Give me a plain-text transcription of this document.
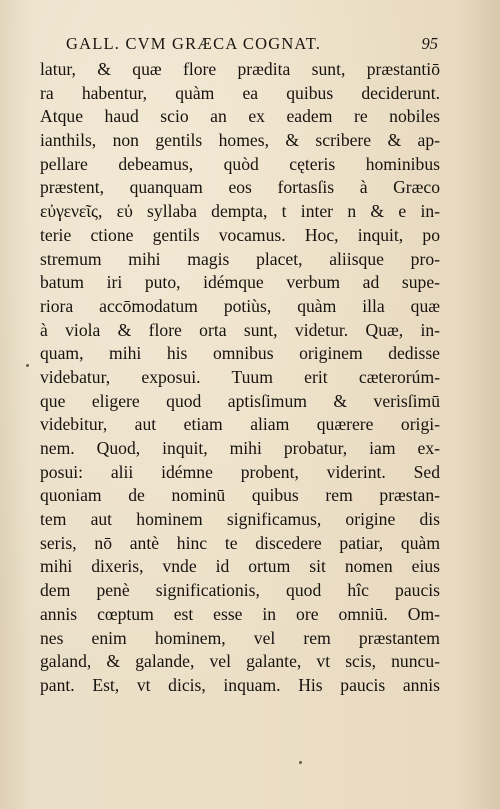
GALL. CVM GRÆCA COGNAT.	95
latur, & quæ flore prædita sunt, præstantiō
ra habentur, quàm ea quibus deciderunt.
Atque haud scio an ex eadem re nobiles
ianthils, non gentils homes, & scribere & ap-
pellare debeamus, quòd cęteris hominibus
præstent, quanquam eos fortasſis à Græco
εὐγενεῖς, εὐ syllaba dempta, t inter n & e in-
terie ctione gentils vocamus. Hoc, inquit, po
stremum mihi magis placet, aliisque pro-
batum iri puto, idémque verbum ad supe-
riora accōmodatum potiùs, quàm illa quæ
à viola & flore orta sunt, videtur. Quæ, in-
quam, mihi his omnibus originem dedisse
videbatur, exposui. Tuum erit cæterorúm-
que eligere quod aptisſimum & verisſimū
videbitur, aut etiam aliam quærere origi-
nem. Quod, inquit, mihi probatur, iam ex-
posui: alii idémne probent, viderint. Sed
quoniam de nominū quibus rem præstan-
tem aut hominem significamus, origine dis
seris, nō antè hinc te discedere patiar, quàm
mihi dixeris, vnde id ortum sit nomen eius
dem penè significationis, quod hîc paucis
annis cœptum est esse in ore omniū. Om-
nes enim hominem, vel rem præstantem
galand, & galande, vel galante, vt scis, nuncu-
pant. Est, vt dicis, inquam. His paucis annis
